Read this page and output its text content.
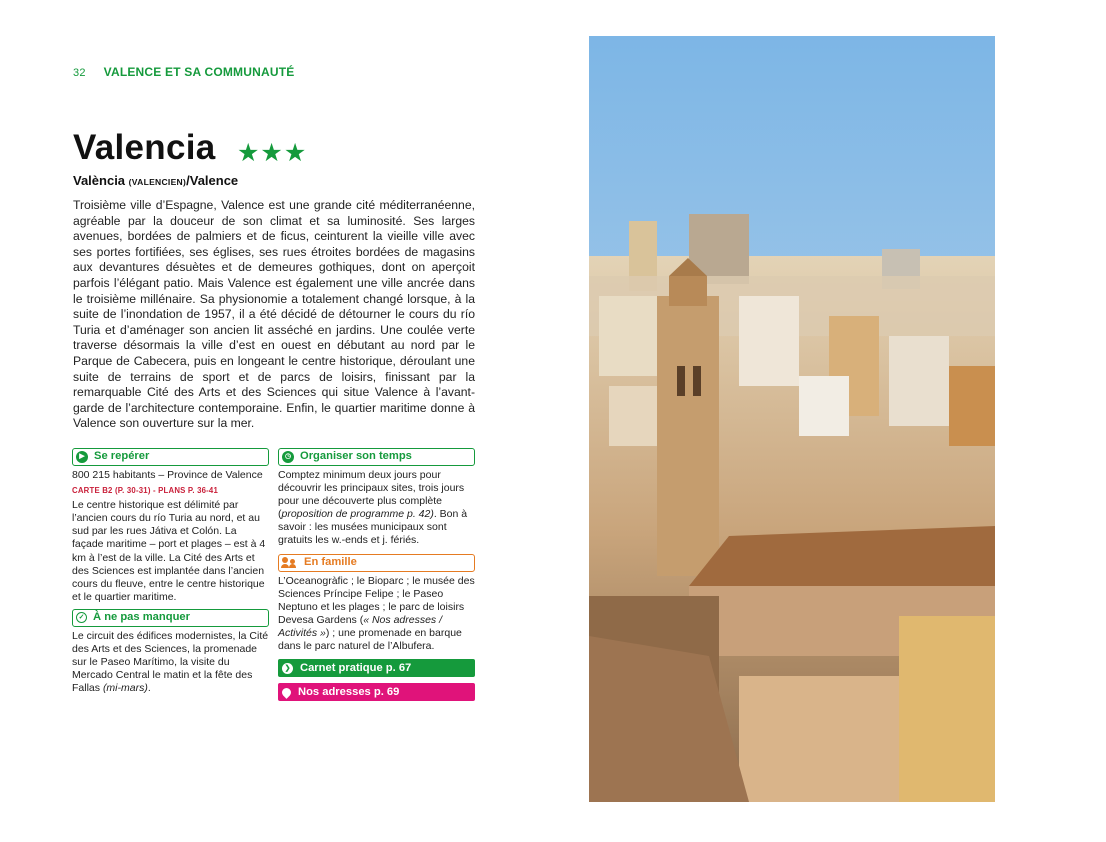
32 VALENCE ET SA COMMUNAUTÉ
Valencia ★★★
València (VALENCIEN)/Valence

Troisième ville d’Espagne, Valence est une grande cité méditerranéenne, agréable par la douceur de son climat et sa luminosité. Ses larges avenues, bordées de palmiers et de ficus, ceinturent la vieille ville avec ses portes fortifiées, ses églises, ses rues étroites bordées de magasins aux devantures désuètes et de demeures gothiques, dont on aperçoit parfois l’élégant patio. Mais Valence est également une ville ancrée dans le troisième millénaire. Sa physionomie a totalement changé lorsque, à la suite de l’inondation de 1957, il a été décidé de détourner le cours du río Turia et d’aménager son ancien lit asséché en jardins. Une coulée verte traverse désormais la ville d’est en ouest en débutant au nord par le Parque de Cabecera, puis en longeant le centre historique, déroulant une suite de terrains de sport et de parcs de loisirs, finissant par la remarquable Cité des Arts et des Sciences qui situe Valence à l’avant-garde de l’architecture contemporaine. Enfin, le quartier maritime donne à Valence son ouverture sur la mer.

▶ Se repérer

800 215 habitants – Province de Valence

CARTE B2 (P. 30-31) - PLANS P. 36-41

Le centre historique est délimité par l’ancien cours du río Turia au nord, et au sud par les rues Játiva et Colón. La façade maritime – port et plages – est à 4 km à l’est de la ville. La Cité des Arts et des Sciences est implantée dans l’ancien cours du fleuve, entre le centre historique et le quartier maritime.

✓ À ne pas manquer

Le circuit des édifices modernistes, la Cité des Arts et des Sciences, la promenade sur le Paseo Marítimo, la visite du Mercado Central le matin et la fête des Fallas (mi-mars).

◷ Organiser son temps

Comptez minimum deux jours pour découvrir les principaux sites, trois jours pour une découverte plus complète (proposition de programme p. 42). Bon à savoir : les musées municipaux sont gratuits les w.-ends et j. fériés.

En famille

L’Oceanogràfic ; le Bioparc ; le musée des Sciences Príncipe Felipe ; le Paseo Neptuno et les plages ; le parc de loisirs Devesa Gardens (« Nos adresses / Activités ») ; une promenade en barque dans le parc naturel de l’Albufera.

❯ Carnet pratique p. 67
Nos adresses p. 69
